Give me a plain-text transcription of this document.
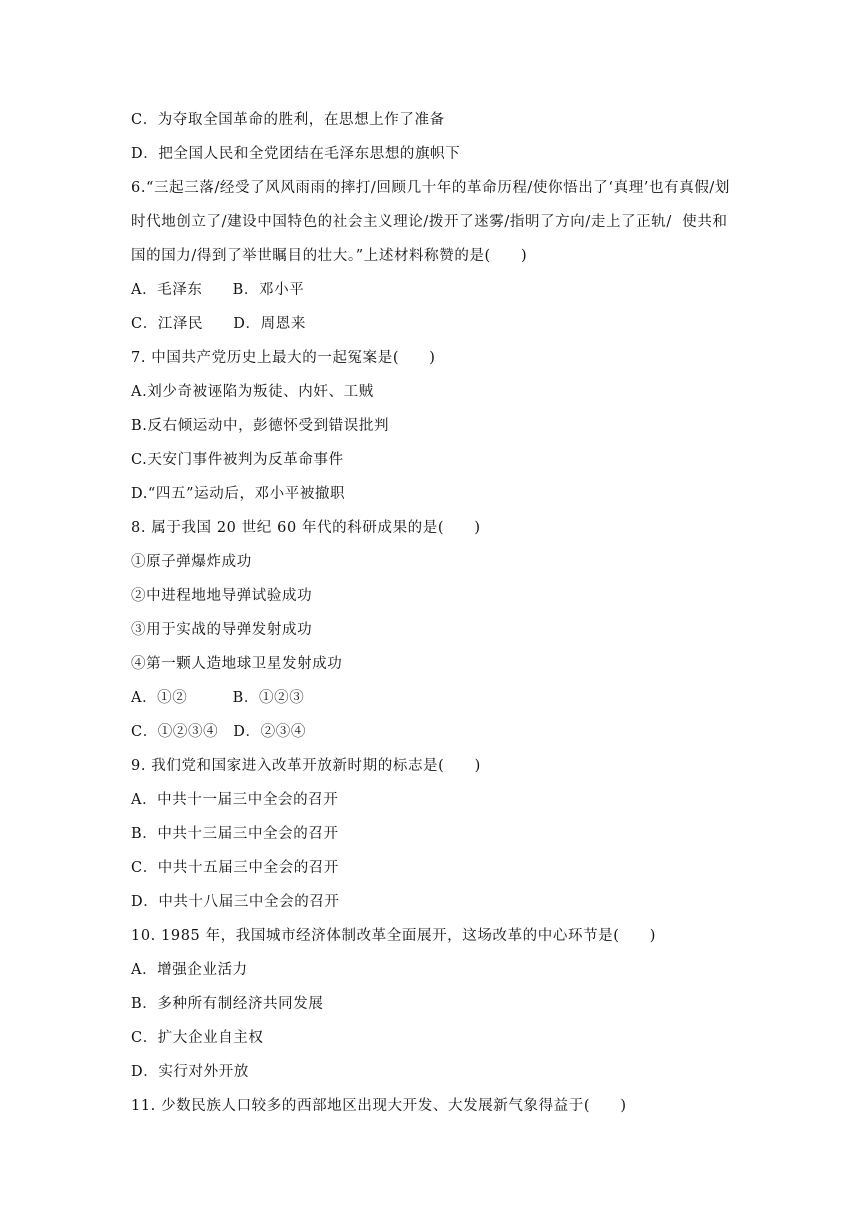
C．为夺取全国革命的胜利，在思想上作了准备
D．把全国人民和全党团结在毛泽东思想的旗帜下
6.“三起三落/经受了风风雨雨的摔打/回顾几十年的革命历程/使你悟出了‘真理’也有真假/划
时代地创立了/建设中国特色的社会主义理论/拨开了迷雾/指明了方向/走上了正轨/  使共和
国的国力/得到了举世瞩目的壮大。”上述材料称赞的是(　　)
A．毛泽东　　B．邓小平
C．江泽民　　D．周恩来
7. 中国共产党历史上最大的一起冤案是(　　)
A.刘少奇被诬陷为叛徒、内奸、工贼
B.反右倾运动中，彭德怀受到错误批判
C.天安门事件被判为反革命事件
D.“四五”运动后，邓小平被撤职
8. 属于我国 20 世纪 60 年代的科研成果的是(　　)
①原子弹爆炸成功
②中进程地地导弹试验成功
③用于实战的导弹发射成功
④第一颗人造地球卫星发射成功
A．①②　　　B．①②③
C．①②③④　D．②③④
9. 我们党和国家进入改革开放新时期的标志是(　　)
A．中共十一届三中全会的召开
B．中共十三届三中全会的召开
C．中共十五届三中全会的召开
D．中共十八届三中全会的召开
10. 1985 年，我国城市经济体制改革全面展开，这场改革的中心环节是(　　)
A．增强企业活力
B．多种所有制经济共同发展
C．扩大企业自主权
D．实行对外开放
11. 少数民族人口较多的西部地区出现大开发、大发展新气象得益于(　　)
